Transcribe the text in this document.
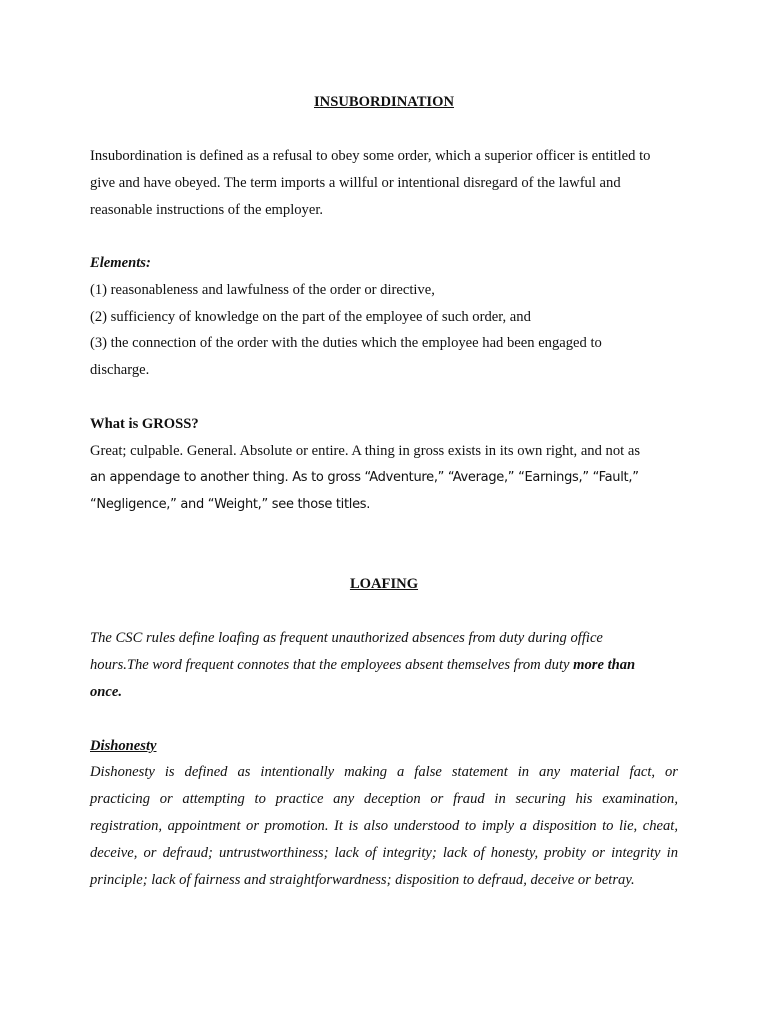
INSUBORDINATION
Insubordination is defined as a refusal to obey some order, which a superior officer is entitled to
give and have obeyed. The term imports a willful or intentional disregard of the lawful and
reasonable instructions of the employer.
Elements:
(1) reasonableness and lawfulness of the order or directive,
(2) sufficiency of knowledge on the part of the employee of such order, and
(3) the connection of the order with the duties which the employee had been engaged to
discharge.
What is GROSS?
Great; culpable. General. Absolute or entire. A thing in gross exists in its own right, and not as
an appendage to another thing. As to gross “Adventure,” “Average,” “Earnings,” “Fault,”
“Negligence,” and “Weight,” see those titles.
LOAFING
The CSC rules define loafing as frequent unauthorized absences from duty during office
hours.The word frequent connotes that the employees absent themselves from duty more than
once.
Dishonesty
Dishonesty is defined as intentionally making a false statement in any material fact, or
practicing or attempting to practice any deception or fraud in securing his examination,
registration, appointment or promotion. It is also understood to imply a disposition to lie, cheat,
deceive, or defraud; untrustworthiness; lack of integrity; lack of honesty, probity or integrity in
principle; lack of fairness and straightforwardness; disposition to defraud, deceive or betray.
